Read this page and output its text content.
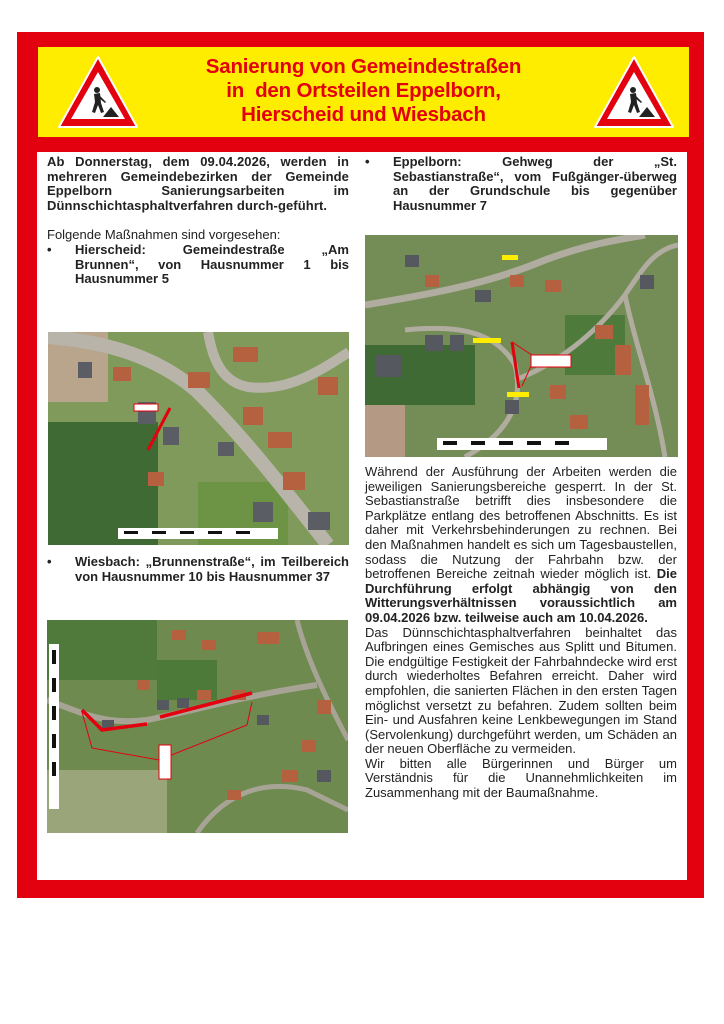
Sanierung von Gemeindestraßen
in  den Ortsteilen Eppelborn,
Hierscheid und Wiesbach

Ab Donnerstag, dem 09.04.2026, werden in mehreren Gemeindebezirken der Gemeinde Eppelborn Sanierungsarbeiten im Dünnschichtasphaltverfahren durch-geführt.

Folgende Maßnahmen sind vorgesehen:

• Hierscheid: Gemeindestraße „Am Brunnen“, von Hausnummer 1 bis Hausnummer 5
• Wiesbach: „Brunnenstraße“, im Teilbereich von Hausnummer 10 bis Hausnummer 37
• Eppelborn: Gehweg der „St. Sebastianstraße“, vom Fußgänger-überweg an der Grundschule bis gegenüber Hausnummer 7

Während der Ausführung der Arbeiten werden die jeweiligen Sanierungsbereiche gesperrt. In der St. Sebastianstraße betrifft dies insbesondere die Parkplätze entlang des betroffenen Abschnitts. Es ist daher mit Verkehrsbehinderungen zu rechnen. Bei den Maßnahmen handelt es sich um Tagesbaustellen, sodass die Nutzung der Fahrbahn bzw. der betroffenen Bereiche zeitnah wieder möglich ist. Die Durchführung erfolgt abhängig von den Witterungsverhältnissen voraussichtlich am 09.04.2026 bzw. teilweise auch am 10.04.2026.

Das Dünnschichtasphaltverfahren beinhaltet das Aufbringen eines Gemisches aus Splitt und Bitumen. Die endgültige Festigkeit der Fahrbahndecke wird erst durch wiederholtes Befahren erreicht. Daher wird empfohlen, die sanierten Flächen in den ersten Tagen möglichst versetzt zu befahren. Zudem sollten beim Ein- und Ausfahren keine Lenkbewegungen im Stand (Servolenkung) durchgeführt werden, um Schäden an der neuen Oberfläche zu vermeiden.

Wir bitten alle Bürgerinnen und Bürger um Verständnis für die Unannehmlichkeiten im Zusammenhang mit der Baumaßnahme.
